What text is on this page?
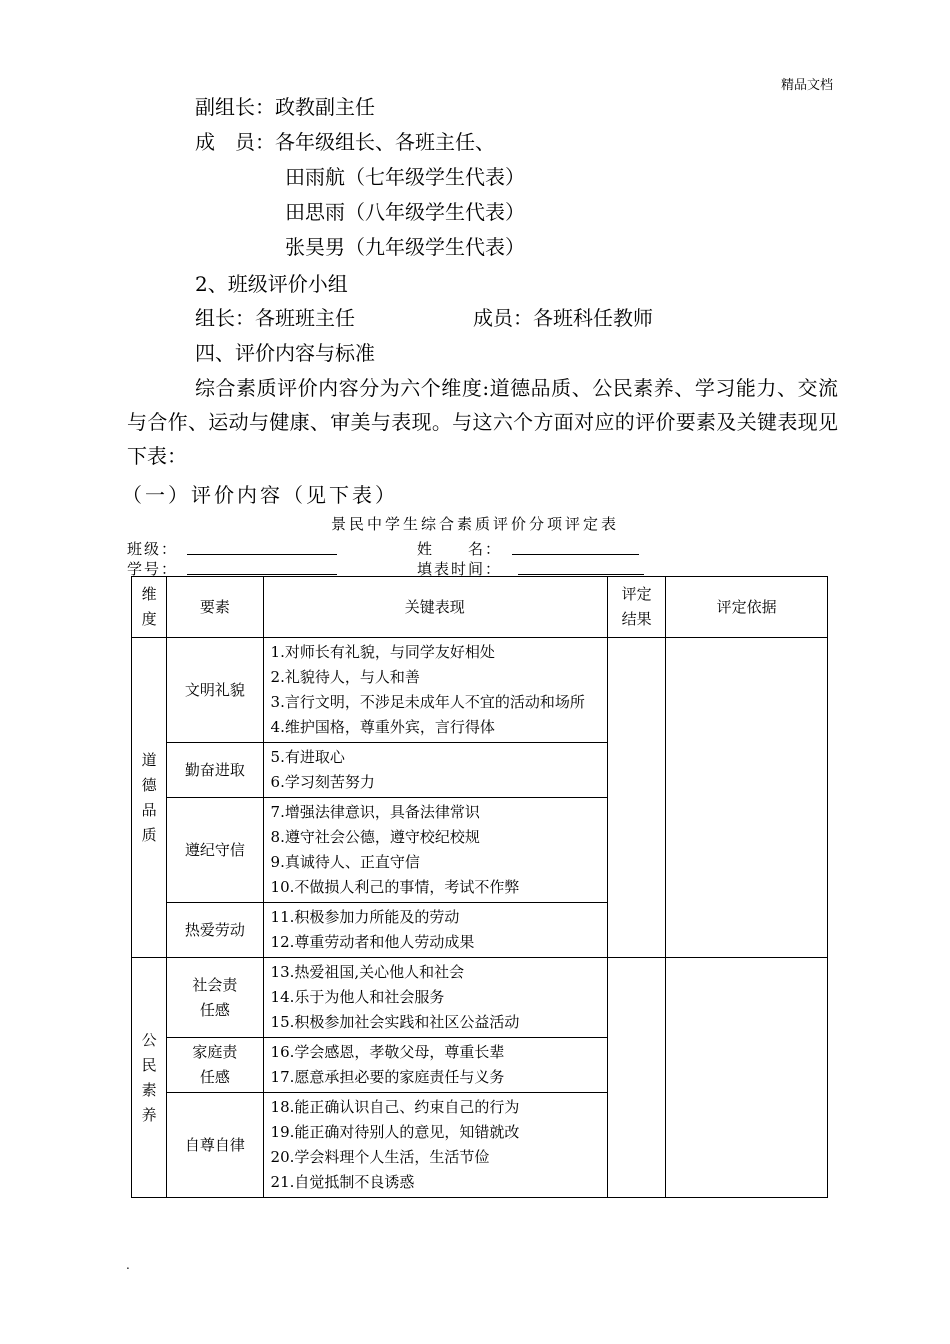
精品文档
副组长：政教副主任
成　员：各年级组长、各班主任、
田雨航（七年级学生代表）
田思雨（八年级学生代表）
张昊男（九年级学生代表）
2、班级评价小组
组长：各班班主任	成员：各班科任教师
四、评价内容与标准
综合素质评价内容分为六个维度:道德品质、公民素养、学习能力、交流与合作、运动与健康、审美与表现。与这六个方面对应的评价要素及关键表现见下表：
（一）评价内容（见下表）
景民中学生综合素质评价分项评定表
班级：	姓　　名：
学号：	填表时间：
维度	要素	关键表现	评定结果	评定依据

道德品质	文明礼貌	1.对师长有礼貌，与同学友好相处
2.礼貌待人，与人和善
3.言行文明，不涉足未成年人不宜的活动和场所
4.维护国格，尊重外宾，言行得体		

	勤奋进取	5.有进取心
6.学习刻苦努力		

	遵纪守信	7.增强法律意识，具备法律常识
8.遵守社会公德，遵守校纪校规
9.真诚待人、正直守信
10.不做损人利己的事情，考试不作弊		

	热爱劳动	11.积极参加力所能及的劳动
12.尊重劳动者和他人劳动成果		

公民素养	社会责任感	13.热爱祖国,关心他人和社会
14.乐于为他人和社会服务
15.积极参加社会实践和社区公益活动		

	家庭责任感	16.学会感恩，孝敬父母，尊重长辈
17.愿意承担必要的家庭责任与义务		

	自尊自律	18.能正确认识自己、约束自己的行为
19.能正确对待别人的意见，知错就改
20.学会料理个人生活，生活节俭
21.自觉抵制不良诱惑		
.
